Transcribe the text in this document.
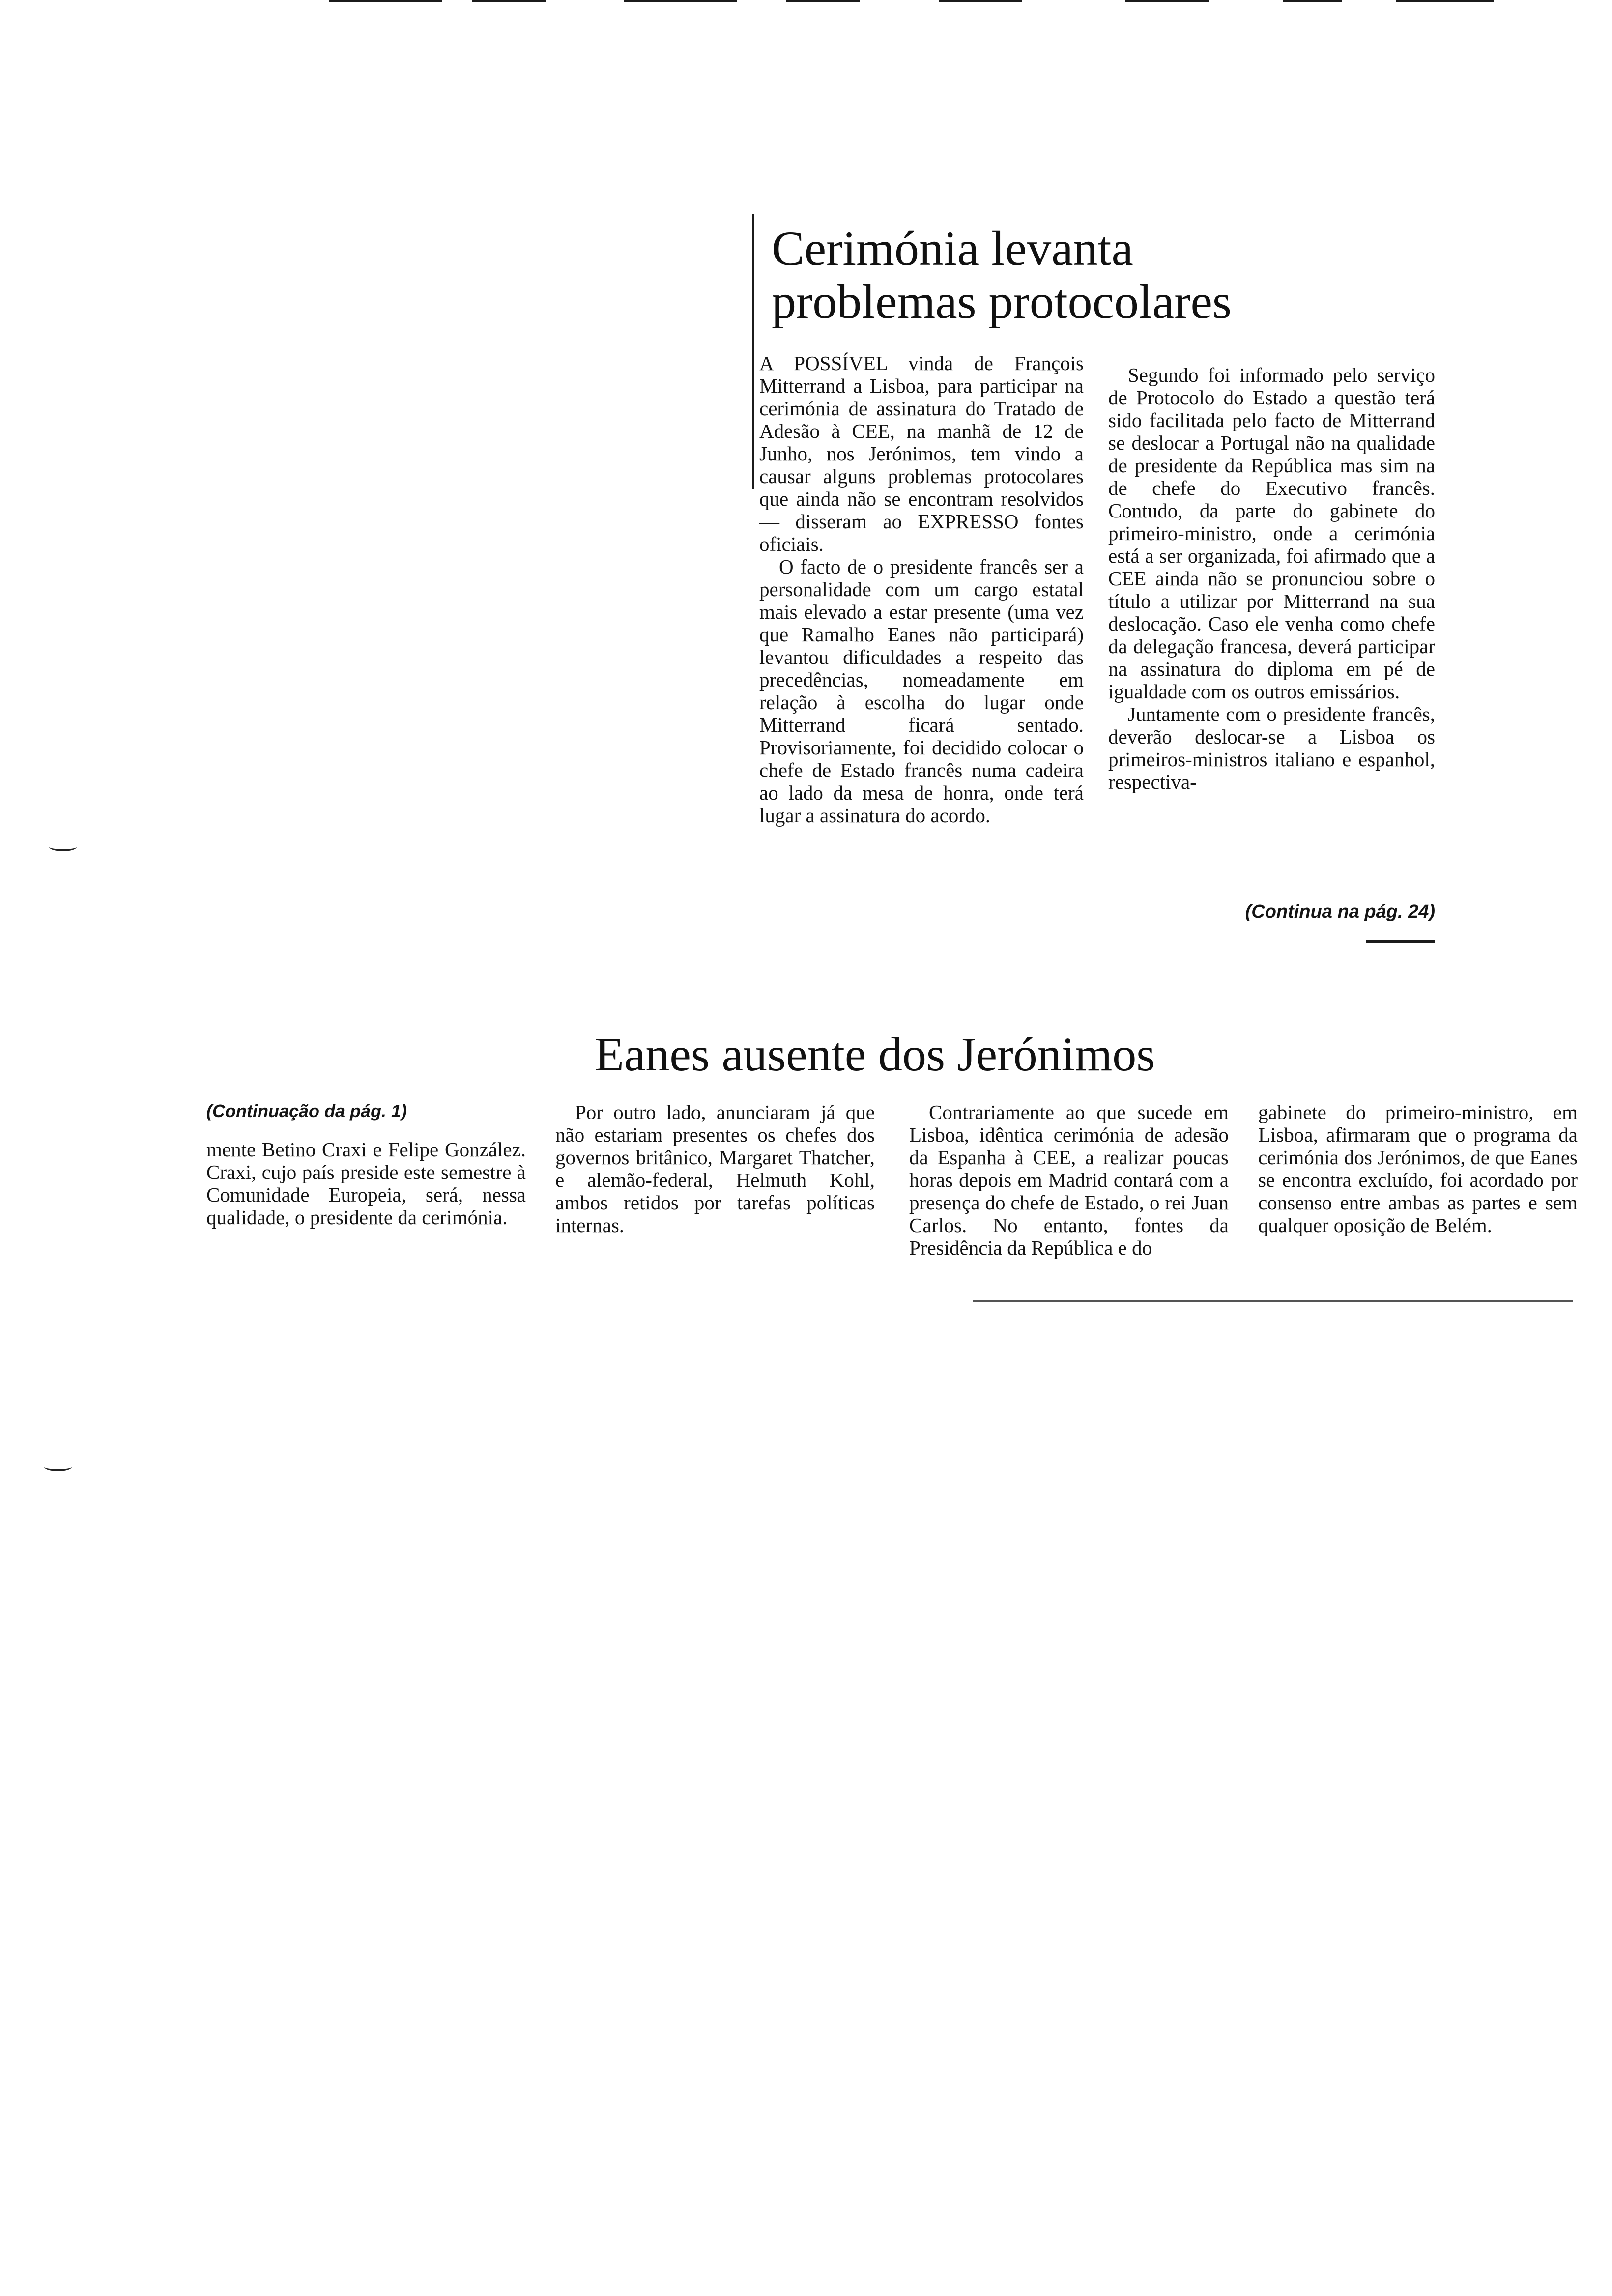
Cerimónia levanta
problemas protocolares

A POSSÍVEL vinda de François Mitterrand a Lisboa, para participar na cerimónia de assinatura do Tratado de Adesão à CEE, na manhã de 12 de Junho, nos Jerónimos, tem vindo a causar alguns problemas protocolares que ainda não se encontram resolvidos — disseram ao EXPRESSO fontes oficiais.

O facto de o presidente francês ser a personalidade com um cargo estatal mais elevado a estar presente (uma vez que Ramalho Eanes não participará) levantou dificuldades a respeito das precedências, nomeadamente em relação à escolha do lugar onde Mitterrand ficará sentado. Provisoriamente, foi decidido colocar o chefe de Estado francês numa cadeira ao lado da mesa de honra, onde terá lugar a assinatura do acordo.

Segundo foi informado pelo serviço de Protocolo do Estado a questão terá sido facilitada pelo facto de Mitterrand se deslocar a Portugal não na qualidade de presidente da República mas sim na de chefe do Executivo francês. Contudo, da parte do gabinete do primeiro-ministro, onde a cerimónia está a ser organizada, foi afirmado que a CEE ainda não se pronunciou sobre o título a utilizar por Mitterrand na sua deslocação. Caso ele venha como chefe da delegação francesa, deverá participar na assinatura do diploma em pé de igualdade com os outros emissários.

Juntamente com o presidente francês, deverão deslocar-se a Lisboa os primeiros-ministros italiano e espanhol, respectiva-

(Continua na pág. 24)
Eanes ausente dos Jerónimos
(Continuação da pág. 1)

mente Betino Craxi e Felipe González. Craxi, cujo país preside este semestre à Comunidade Europeia, será, nessa qualidade, o presidente da cerimónia.

Por outro lado, anunciaram já que não estariam presentes os chefes dos governos britânico, Margaret Thatcher, e alemão-federal, Helmuth Kohl, ambos retidos por tarefas políticas internas.

Contrariamente ao que sucede em Lisboa, idêntica cerimónia de adesão da Espanha à CEE, a realizar poucas horas depois em Madrid contará com a presença do chefe de Estado, o rei Juan Carlos. No entanto, fontes da Presidência da República e do

gabinete do primeiro-ministro, em Lisboa, afirmaram que o programa da cerimónia dos Jerónimos, de que Eanes se encontra excluído, foi acordado por consenso entre ambas as partes e sem qualquer oposição de Belém.
